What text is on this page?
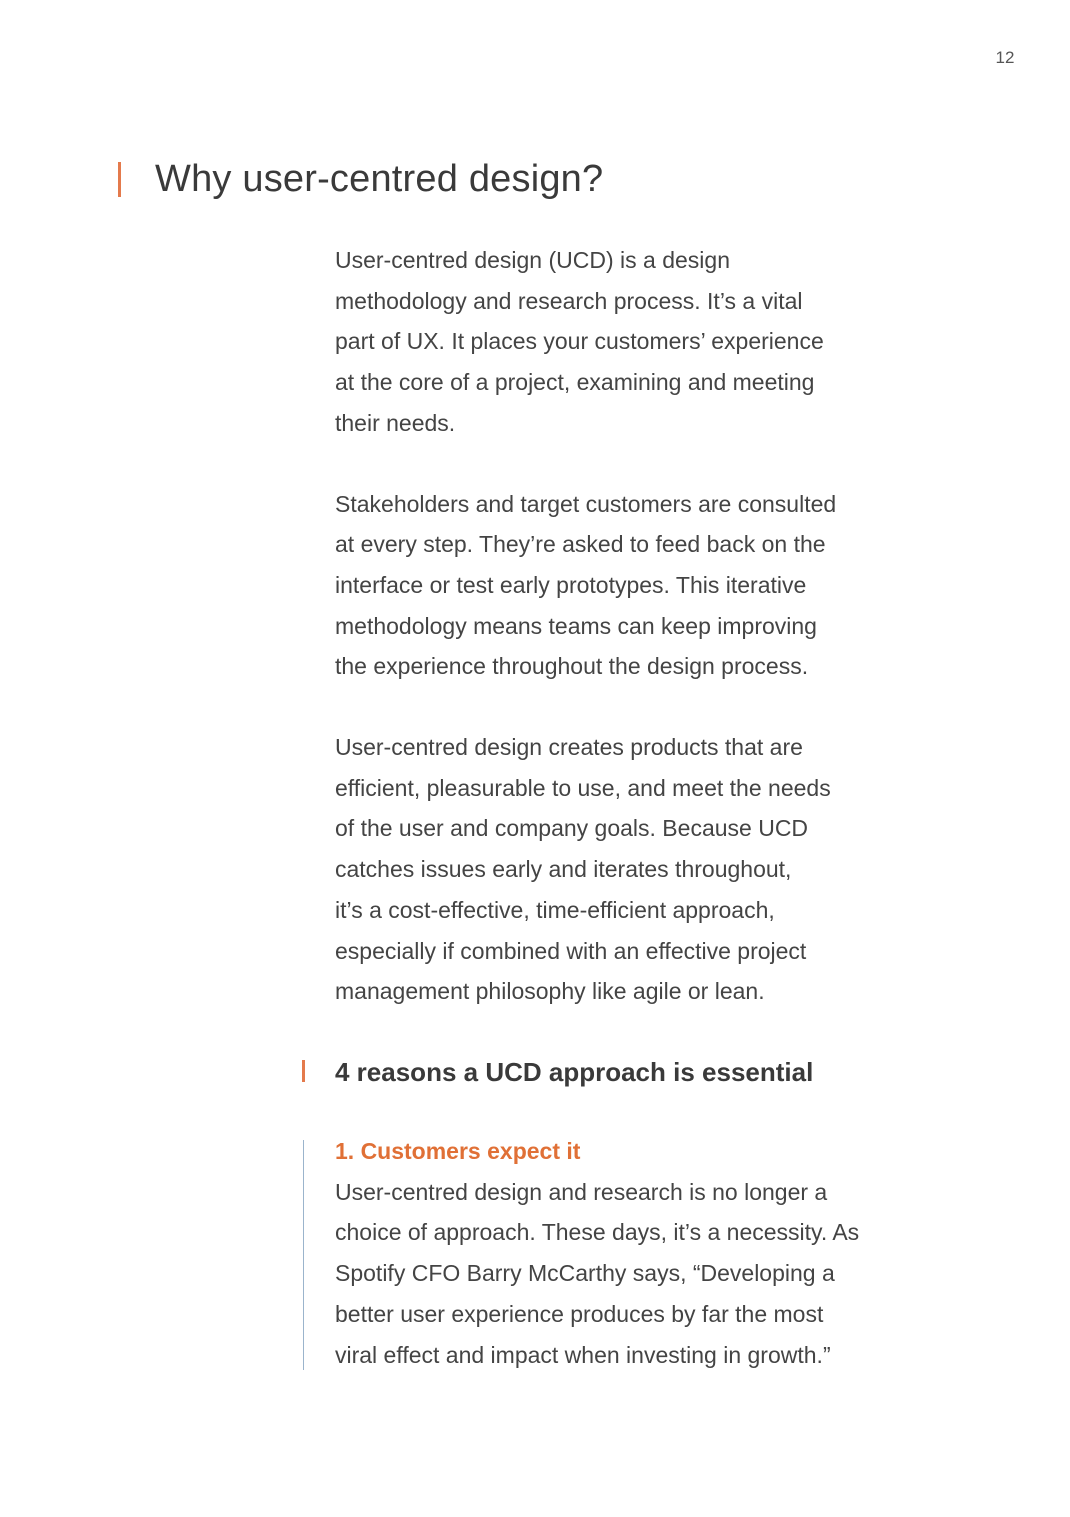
12
Why user-centred design?

User-centred design (UCD) is a design

methodology and research process. It’s a vital

part of UX. It places your customers’ experience

at the core of a project, examining and meeting

their needs.

Stakeholders and target customers are consulted

at every step. They’re asked to feed back on the

interface or test early prototypes. This iterative

methodology means teams can keep improving

the experience throughout the design process.

User-centred design creates products that are

efficient, pleasurable to use, and meet the needs

of the user and company goals. Because UCD

catches issues early and iterates throughout,

it’s a cost-effective, time-efficient approach,

especially if combined with an effective project

management philosophy like agile or lean.

4 reasons a UCD approach is essential

1. Customers expect it

User-centred design and research is no longer a

choice of approach. These days, it’s a necessity. As

Spotify CFO Barry McCarthy says, “Developing a

better user experience produces by far the most

viral effect and impact when investing in growth.”
